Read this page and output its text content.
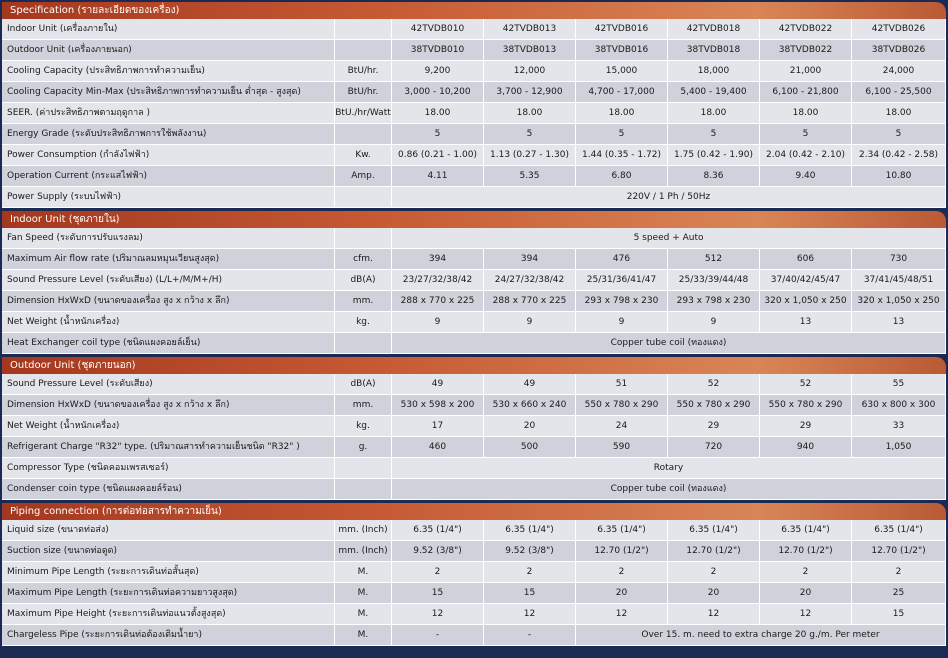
Specification (รายละเอียดของเครื่อง)
Indoor Unit (เครื่องภายใน)		42TVDB010	42TVDB013	42TVDB016	42TVDB018	42TVDB022	42TVDB026
Outdoor Unit (เครื่องภายนอก)		38TVDB010	38TVDB013	38TVDB016	38TVDB018	38TVDB022	38TVDB026
Cooling Capacity (ประสิทธิภาพการทำความเย็น)	BtU/hr.	9,200	12,000	15,000	18,000	21,000	24,000
Cooling Capacity Min-Max (ประสิทธิภาพการทำความเย็น ต่ำสุด - สูงสุด)	BtU/hr.	3,000 - 10,200	3,700 - 12,900	4,700 - 17,000	5,400 - 19,400	6,100 - 21,800	6,100 - 25,500
SEER. (ค่าประสิทธิภาพตามฤดูกาล )	BtU./hr/Watt	18.00	18.00	18.00	18.00	18.00	18.00
Energy Grade (ระดับประสิทธิภาพการใช้พลังงาน)		5	5	5	5	5	5
Power Consumption (กำลังไฟฟ้า)	Kw.	0.86 (0.21 - 1.00)	1.13 (0.27 - 1.30)	1.44 (0.35 - 1.72)	1.75 (0.42 - 1.90)	2.04 (0.42 - 2.10)	2.34 (0.42 - 2.58)
Operation Current (กระแสไฟฟ้า)	Amp.	4.11	5.35	6.80	8.36	9.40	10.80
Power Supply (ระบบไฟฟ้า)		220V / 1 Ph / 50Hz					
Indoor Unit (ชุดภายใน)
Fan Speed (ระดับการปรับแรงลม)		5 speed + Auto					
Maximum Air flow rate (ปริมาณลมหมุนเวียนสูงสุด)	cfm.	394	394	476	512	606	730
Sound Pressure Level (ระดับเสียง) (L/L+/M/M+/H)	dB(A)	23/27/32/38/42	24/27/32/38/42	25/31/36/41/47	25/33/39/44/48	37/40/42/45/47	37/41/45/48/51
Dimension HxWxD (ขนาดของเครื่อง สูง x กว้าง x ลึก)	mm.	288 x 770 x 225	288 x 770 x 225	293 x 798 x 230	293 x 798 x 230	320 x 1,050 x 250	320 x 1,050 x 250
Net Weight (น้ำหนักเครื่อง)	kg.	9	9	9	9	13	13
Heat Exchanger coil type (ชนิดแผงคอยล์เย็น)		Copper tube coil (ทองแดง)					
Outdoor Unit (ชุดภายนอก)
Sound Pressure Level (ระดับเสียง)	dB(A)	49	49	51	52	52	55
Dimension HxWxD (ขนาดของเครื่อง สูง x กว้าง x ลึก)	mm.	530 x 598 x 200	530 x 660 x 240	550 x 780 x 290	550 x 780 x 290	550 x 780 x 290	630 x 800 x 300
Net Weight (น้ำหนักเครื่อง)	kg.	17	20	24	29	29	33
Refrigerant Charge "R32" type. (ปริมาณสารทำความเย็นชนิด "R32" )	g.	460	500	590	720	940	1,050
Compressor Type (ชนิดคอมเพรสเซอร์)		Rotary					
Condenser coin type (ชนิดแผงคอยล์ร้อน)		Copper tube coil (ทองแดง)					
Piping connection (การต่อท่อสารทำความเย็น)
Liquid size (ขนาดท่อส่ง)	mm. (Inch)	6.35 (1/4")	6.35 (1/4")	6.35 (1/4")	6.35 (1/4")	6.35 (1/4")	6.35 (1/4")
Suction size (ขนาดท่อดูด)	mm. (Inch)	9.52 (3/8")	9.52 (3/8")	12.70 (1/2")	12.70 (1/2")	12.70 (1/2")	12.70 (1/2")
Minimum Pipe Length (ระยะการเดินท่อสั้นสุด)	M.	2	2	2	2	2	2
Maximum Pipe Length (ระยะการเดินท่อความยาวสูงสุด)	M.	15	15	20	20	20	25
Maximum Pipe Height (ระยะการเดินท่อแนวตั้งสูงสุด)	M.	12	12	12	12	12	15
Chargeless Pipe (ระยะการเดินท่อต้องเติมน้ำยา)	M.	-	-	Over 15. m. need to extra charge 20 g./m. Per meter			
